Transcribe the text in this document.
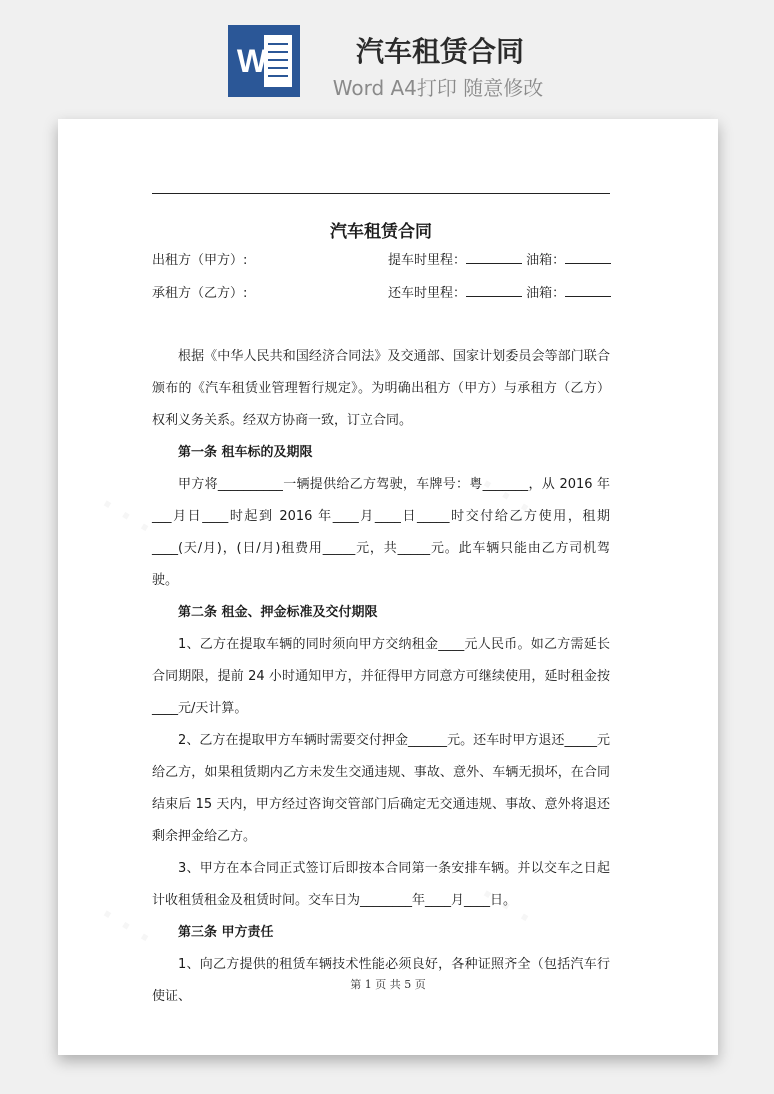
W	汽车租赁合同
Word A4打印 随意修改
· · ·	· · ·
· · ·	· · ·
汽车租赁合同
出租方（甲方）:	提车时里程：	油箱：
承租方（乙方）:	还车时里程：	油箱：

根据《中华人民共和国经济合同法》及交通部、国家计划委员会等部门联合颁布的《汽车租赁业管理暂行规定》。为明确出租方（甲方）与承租方（乙方）权利义务关系。经双方协商一致，订立合同。

第一条 租车标的及期限

甲方将__________一辆提供给乙方驾驶，车牌号：粤_______，从 2016 年___月日____时起到 2016 年____月____日_____时交付给乙方使用，租期____(天/月)，(日/月)租费用_____元，共_____元。此车辆只能由乙方司机驾驶。

第二条 租金、押金标准及交付期限

1、乙方在提取车辆的同时须向甲方交纳租金____元人民币。如乙方需延长合同期限，提前 24 小时通知甲方，并征得甲方同意方可继续使用，延时租金按____元/天计算。

2、乙方在提取甲方车辆时需要交付押金______元。还车时甲方退还_____元给乙方，如果租赁期内乙方未发生交通违规、事故、意外、车辆无损坏，在合同结束后 15 天内，甲方经过咨询交管部门后确定无交通违规、事故、意外将退还剩余押金给乙方。

3、甲方在本合同正式签订后即按本合同第一条安排车辆。并以交车之日起计收租赁租金及租赁时间。交车日为________年____月____日。

第三条 甲方责任

1、向乙方提供的租赁车辆技术性能必须良好，各种证照齐全（包括汽车行使证、

第 1 页 共 5 页
